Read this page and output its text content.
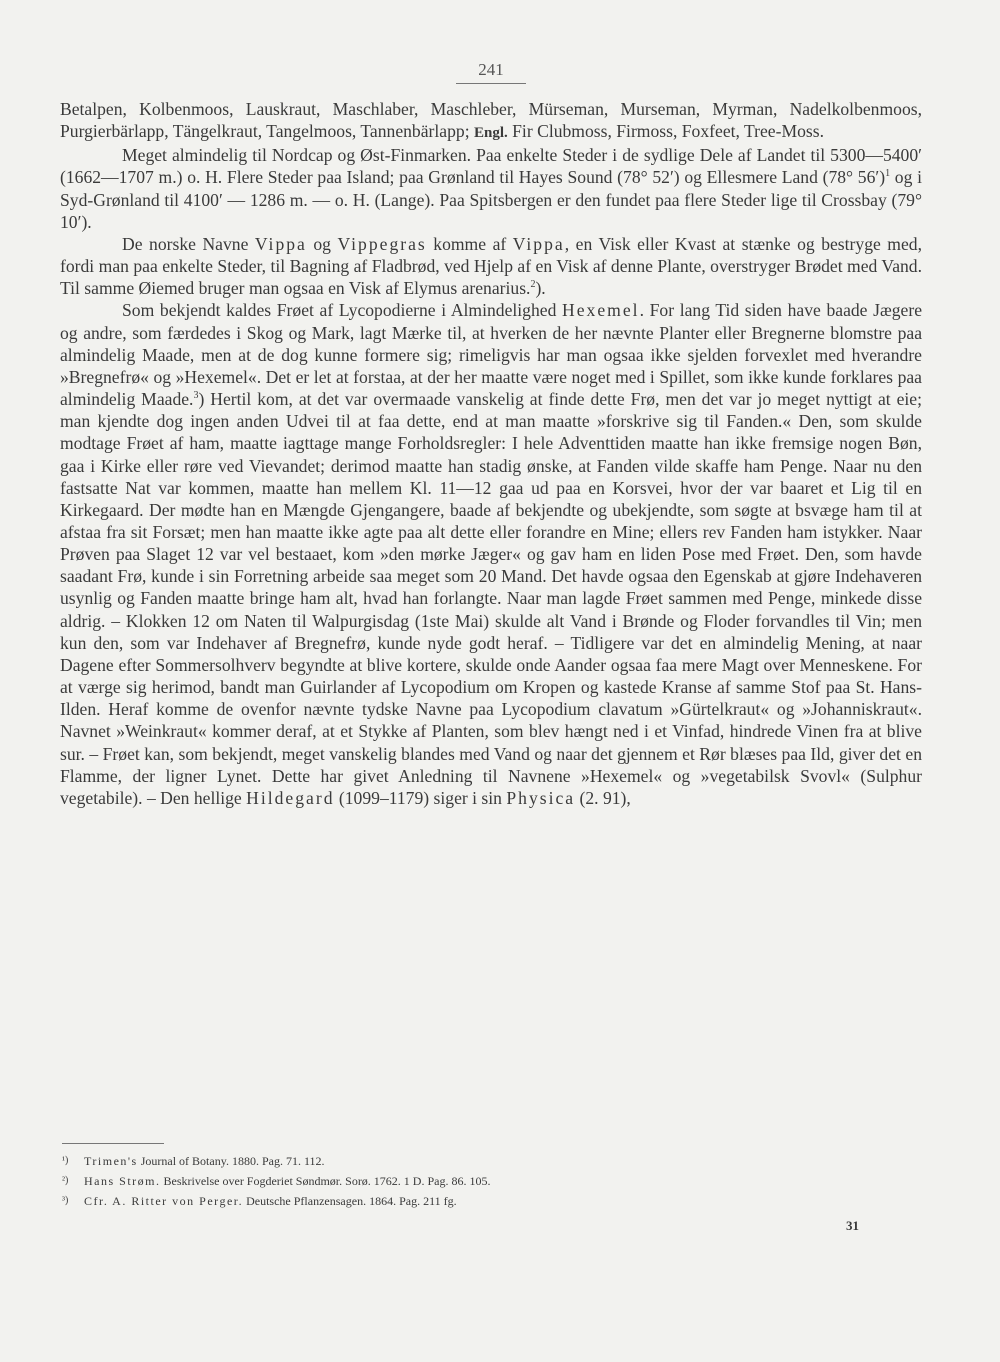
241

Betalpen, Kolbenmoos, Lauskraut, Maschlaber, Maschleber, Mürseman, Murseman, Myrman, Nadelkolbenmoos, Purgierbärlapp, Tängelkraut, Tangelmoos, Tannenbärlapp; Engl. Fir Clubmoss, Firmoss, Foxfeet, Tree-Moss.

Meget almindelig til Nordcap og Øst-Finmarken. Paa enkelte Steder i de sydlige Dele af Landet til 5300—5400′ (1662—1707 m.) o. H. Flere Steder paa Island; paa Grønland til Hayes Sound (78° 52′) og Ellesmere Land (78° 56′)$^1$ og i Syd-Grønland til 4100′ — 1286 m. — o. H. (Lange). Paa Spitsbergen er den fundet paa flere Steder lige til Crossbay (79° 10′).

De norske Navne Vippa og Vippegras komme af Vippa, en Visk eller Kvast at stænke og bestryge med, fordi man paa enkelte Steder, til Bagning af Fladbrød, ved Hjelp af en Visk af denne Plante, overstryger Brødet med Vand. Til samme Øiemed bruger man ogsaa en Visk af Elymus arenarius.$^2$).

Som bekjendt kaldes Frøet af Lycopodierne i Almindelighed Hexemel. For lang Tid siden have baade Jægere og andre, som færdedes i Skog og Mark, lagt Mærke til, at hverken de her nævnte Planter eller Bregnerne blomstre paa almindelig Maade, men at de dog kunne formere sig; rimeligvis har man ogsaa ikke sjelden forvexlet med hverandre »Bregnefrø« og »Hexemel«. Det er let at forstaa, at der her maatte være noget med i Spillet, som ikke kunde forklares paa almindelig Maade.$^3$) Hertil kom, at det var overmaade vanskelig at finde dette Frø, men det var jo meget nyttigt at eie; man kjendte dog ingen anden Udvei til at faa dette, end at man maatte »forskrive sig til Fanden.« Den, som skulde modtage Frøet af ham, maatte iagttage mange Forholdsregler: I hele Adventtiden maatte han ikke fremsige nogen Bøn, gaa i Kirke eller røre ved Vievandet; derimod maatte han stadig ønske, at Fanden vilde skaffe ham Penge. Naar nu den fastsatte Nat var kommen, maatte han mellem Kl. 11—12 gaa ud paa en Korsvei, hvor der var baaret et Lig til en Kirkegaard. Der mødte han en Mængde Gjengangere, baade af bekjendte og ubekjendte, som søgte at bsvæge ham til at afstaa fra sit Forsæt; men han maatte ikke agte paa alt dette eller forandre en Mine; ellers rev Fanden ham istykker. Naar Prøven paa Slaget 12 var vel bestaaet, kom »den mørke Jæger« og gav ham en liden Pose med Frøet. Den, som havde saadant Frø, kunde i sin Forretning arbeide saa meget som 20 Mand. Det havde ogsaa den Egenskab at gjøre Indehaveren usynlig og Fanden maatte bringe ham alt, hvad han forlangte. Naar man lagde Frøet sammen med Penge, minkede disse aldrig. – Klokken 12 om Naten til Walpurgisdag (1ste Mai) skulde alt Vand i Brønde og Floder forvandles til Vin; men kun den, som var Indehaver af Bregnefrø, kunde nyde godt heraf. – Tidligere var det en almindelig Mening, at naar Dagene efter Sommersolhverv begyndte at blive kortere, skulde onde Aander ogsaa faa mere Magt over Menneskene. For at værge sig herimod, bandt man Guirlander af Lycopodium om Kropen og kastede Kranse af samme Stof paa St. Hans-Ilden. Heraf komme de ovenfor nævnte tydske Navne paa Lycopodium clavatum »Gürtelkraut« og »Johanniskraut«. Navnet »Weinkraut« kommer deraf, at et Stykke af Planten, som blev hængt ned i et Vinfad, hindrede Vinen fra at blive sur. – Frøet kan, som bekjendt, meget vanskelig blandes med Vand og naar det gjennem et Rør blæses paa Ild, giver det en Flamme, der ligner Lynet. Dette har givet Anledning til Navnene »Hexemel« og »vegetabilsk Svovl« (Sulphur vegetabile). – Den hellige Hildegard (1099–1179) siger i sin Physica (2. 91),

¹) Trimen's Journal of Botany. 1880. Pag. 71. 112.
²) Hans Strøm. Beskrivelse over Fogderiet Søndmør. Sorø. 1762. 1 D. Pag. 86. 105.
³) Cfr. A. Ritter von Perger. Deutsche Pflanzensagen. 1864. Pag. 211 fg.
31
